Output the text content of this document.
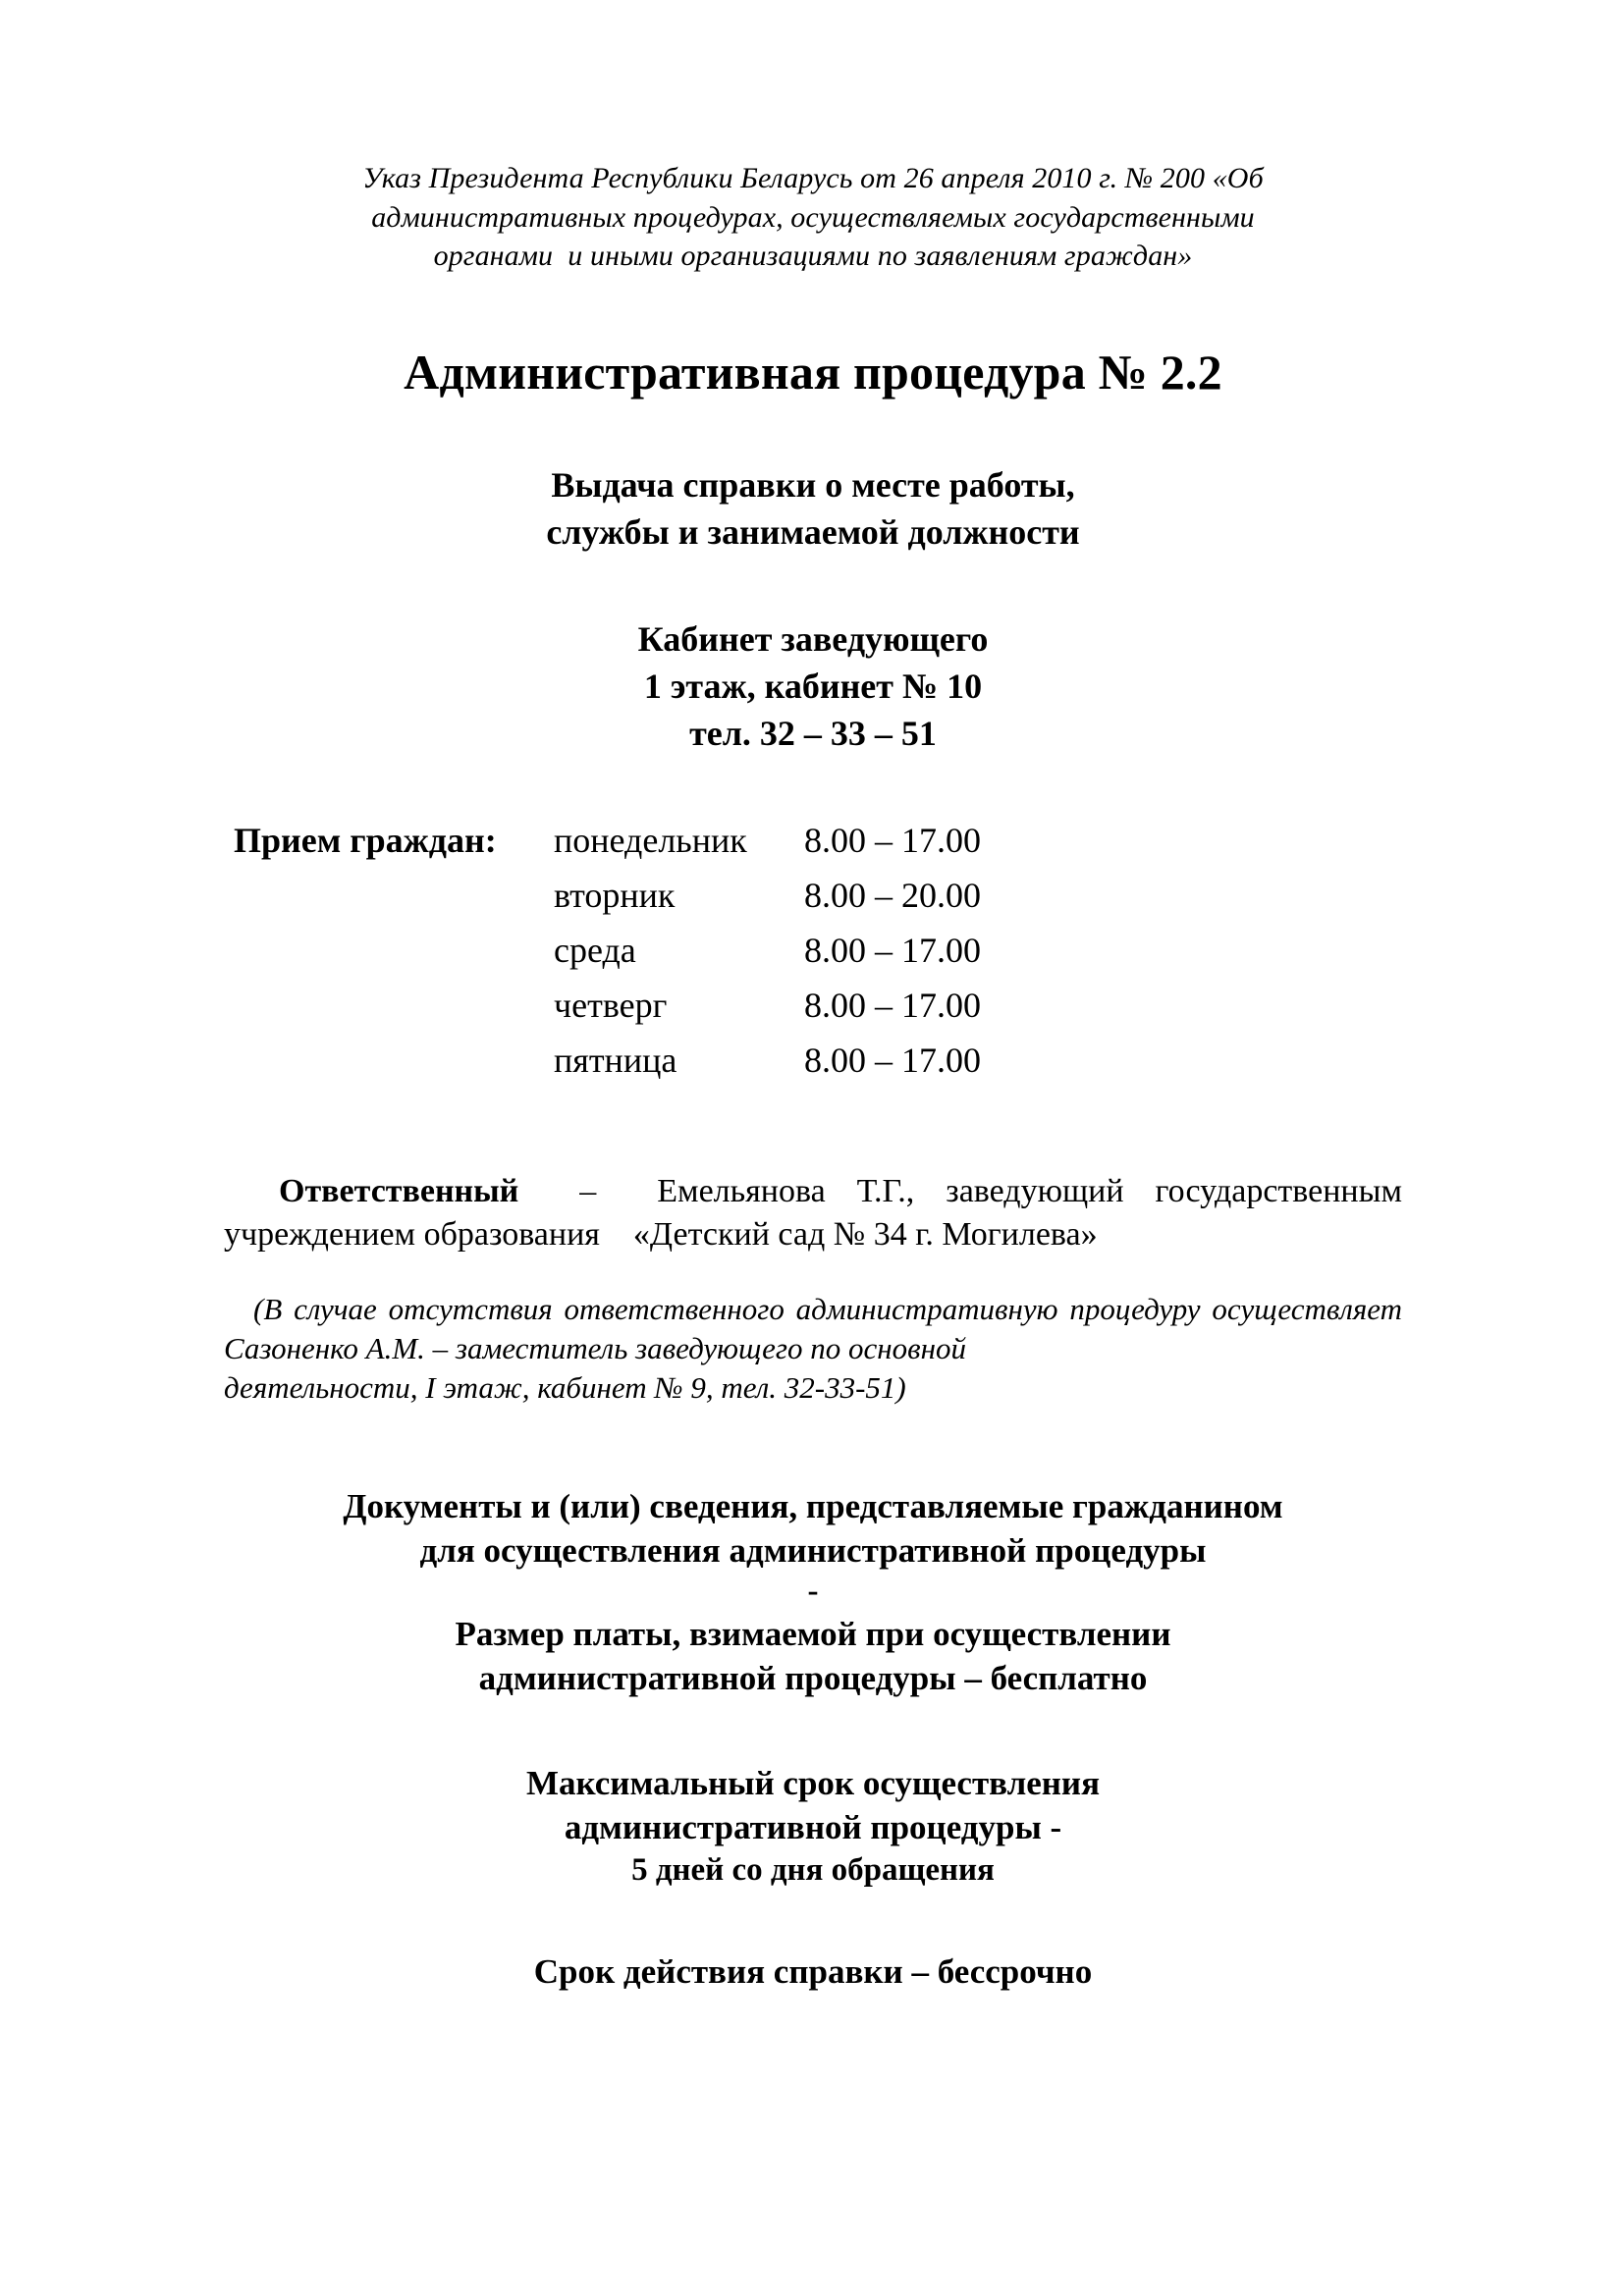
Указ Президента Республики Беларусь от 26 апреля 2010 г. № 200 «Об
административных процедурах, осуществляемых государственными
органами  и иными организациями по заявлениям граждан»
Административная процедура № 2.2
Выдача справки о месте работы,
службы и занимаемой должности
Кабинет заведующего
1 этаж, кабинет № 10
тел. 32 – 33 – 51
Прием граждан:	понедельник	8.00 – 17.00
	вторник	8.00 – 20.00
	среда	8.00 – 17.00
	четверг	8.00 – 17.00
	пятница	8.00 – 17.00

Ответственный – Емельянова Т.Г., заведующий государственным учреждением образования «Детский сад № 34 г. Могилева»

(В случае отсутствия ответственного административную процедуру осуществляет Сазоненко А.М. – заместитель заведующего по основной
деятельности, I этаж, кабинет № 9, тел. 32-33-51)

Документы и (или) сведения, представляемые гражданином
для осуществления административной процедуры
-
Размер платы, взимаемой при осуществлении
административной процедуры – бесплатно
Максимальный срок осуществления
административной процедуры -
5 дней со дня обращения
Срок действия справки – бессрочно
